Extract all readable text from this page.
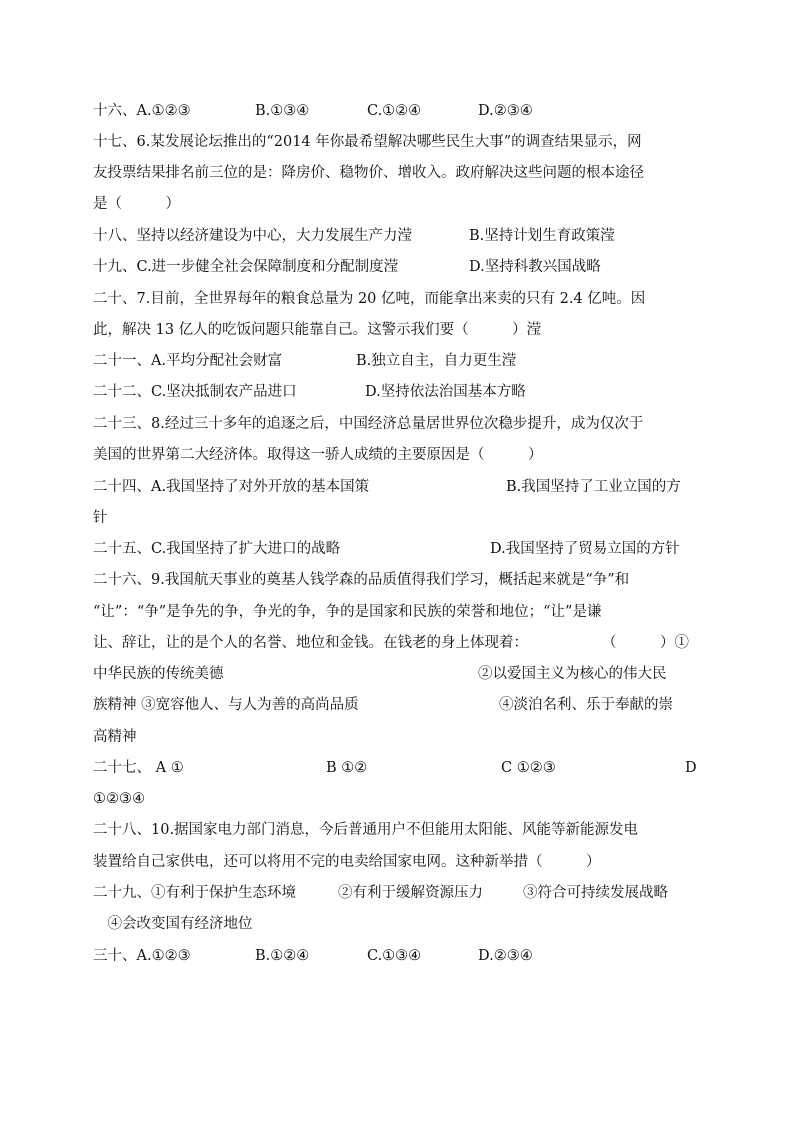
十六、A.①②③	B.①③④	C.①②④	D.②③④
十七、6.某发展论坛推出的“2014 年你最希望解决哪些民生大事”的调查结果显示，网
友投票结果排名前三位的是：降房价、稳物价、增收入。政府解决这些问题的根本途径
是（　　　）
十八、坚持以经济建设为中心，大力发展生产力滢	B.坚持计划生育政策滢
十九、C.进一步健全社会保障制度和分配制度滢	D.坚持科教兴国战略
二十、7.目前，全世界每年的粮食总量为 20 亿吨，而能拿出来卖的只有 2.4 亿吨。因
此，解决 13 亿人的吃饭问题只能靠自己。这警示我们要（　　　）滢
二十一、A.平均分配社会财富	B.独立自主，自力更生滢
二十二、C.坚决抵制农产品进口	D.坚持依法治国基本方略
二十三、8.经过三十多年的追逐之后，中国经济总量居世界位次稳步提升，成为仅次于
美国的世界第二大经济体。取得这一骄人成绩的主要原因是（　　　）
二十四、A.我国坚持了对外开放的基本国策	B.我国坚持了工业立国的方
针
二十五、C.我国坚持了扩大进口的战略	D.我国坚持了贸易立国的方针
二十六、9.我国航天事业的奠基人钱学森的品质值得我们学习，概括起来就是“争”和
“让”：“争”是争先的争，争光的争，争的是国家和民族的荣誉和地位；“让”是谦
让、辞让，让的是个人的名誉、地位和金钱。在钱老的身上体现着：	（　　　）①
中华民族的传统美德	②以爱国主义为核心的伟大民
族精神 ③宽容他人、与人为善的高尚品质	④淡泊名利、乐于奉献的崇
高精神
二十七、 A ①	B ①②	C ①②③	D
①②③④
二十八、10.据国家电力部门消息，今后普通用户不但能用太阳能、风能等新能源发电
装置给自己家供电，还可以将用不完的电卖给国家电网。这种新举措（　　　）
二十九、①有利于保护生态环境	②有利于缓解资源压力	③符合可持续发展战略
　④会改变国有经济地位
三十、A.①②③	B.①②④	C.①③④	D.②③④
